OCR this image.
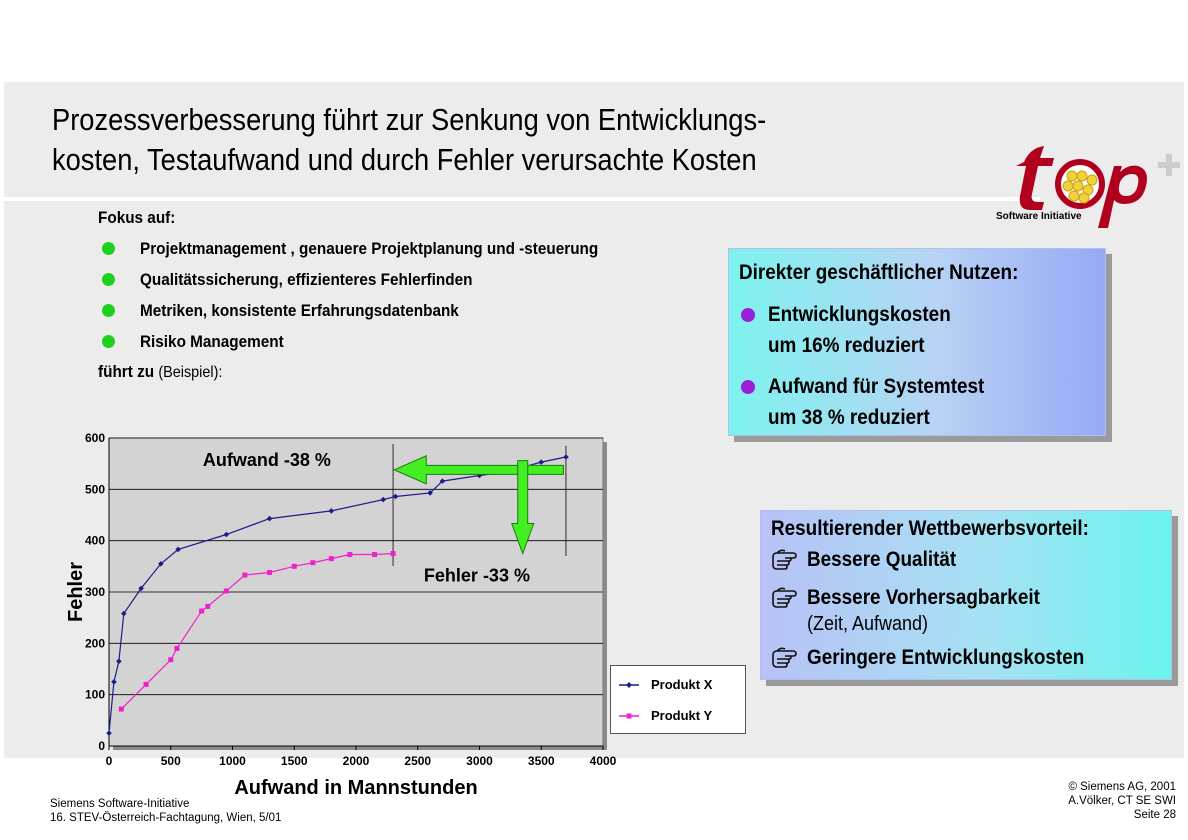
Prozessverbesserung führt zur Senkung von Entwicklungs-
kosten, Testaufwand und durch Fehler verursachte Kosten
Software Initiative
Fokus auf:
Projektmanagement , genauere Projektplanung und -steuerung
Qualitätssicherung, effizienteres Fehlerfinden
Metriken, konsistente Erfahrungsdatenbank
Risiko Management
führt zu (Beispiel):
Direkter geschäftlicher Nutzen:
Entwicklungskosten
um 16% reduziert
Aufwand für Systemtest
um 38 % reduziert
Resultierender Wettbewerbsvorteil:
Bessere Qualität
Bessere Vorhersagbarkeit
(Zeit, Aufwand)
Geringere Entwicklungskosten
0
100
200
300
400
500
600
0	500	1000	1500	2000	2500	3000	3500	4000
Aufwand in Mannstunden
Fehler
Aufwand -38 %
Fehler -33 %
Produkt X
Produkt Y
Siemens Software-Initiative
16. STEV-Österreich-Fachtagung, Wien, 5/01
© Siemens AG, 2001
A.Völker, CT SE SWI
Seite 28
